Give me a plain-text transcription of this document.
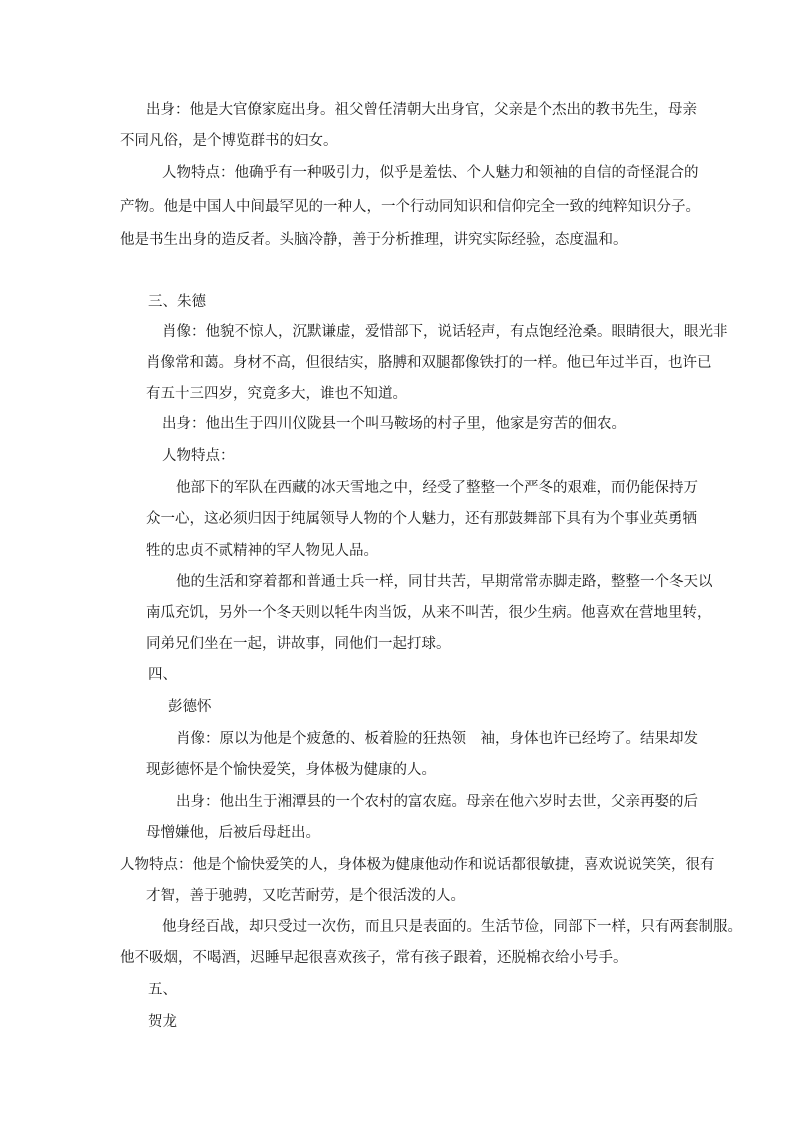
出身：他是大官僚家庭出身。祖父曾任清朝大出身官，父亲是个杰出的教书先生，母亲
不同凡俗，是个博览群书的妇女。
人物特点：他确乎有一种吸引力，似乎是羞怯、个人魅力和领袖的自信的奇怪混合的
产物。他是中国人中间最罕见的一种人，一个行动同知识和信仰完全一致的纯粹知识分子。
他是书生出身的造反者。头脑冷静，善于分析推理，讲究实际经验，态度温和。
三、朱德
肖像：他貌不惊人，沉默谦虚，爱惜部下，说话轻声，有点饱经沧桑。眼睛很大，眼光非
肖像常和蔼。身材不高，但很结实，胳膊和双腿都像铁打的一样。他已年过半百，也许已
有五十三四岁，究竟多大，谁也不知道。
出身：他出生于四川仪陇县一个叫马鞍场的村子里，他家是穷苦的佃农。
人物特点：
他部下的军队在西藏的冰天雪地之中，经受了整整一个严冬的艰难，而仍能保持万
众一心，这必须归因于纯属领导人物的个人魅力，还有那鼓舞部下具有为个事业英勇牺
牲的忠贞不贰精神的罕人物见人品。
他的生活和穿着都和普通士兵一样，同甘共苦，早期常常赤脚走路，整整一个冬天以
南瓜充饥，另外一个冬天则以牦牛肉当饭，从来不叫苦，很少生病。他喜欢在营地里转，
同弟兄们坐在一起，讲故事，同他们一起打球。
四、
彭德怀
肖像：原以为他是个疲惫的、板着脸的狂热领　袖，身体也许已经垮了。结果却发
现彭德怀是个愉快爱笑，身体极为健康的人。
出身：他出生于湘潭县的一个农村的富农庭。母亲在他六岁时去世，父亲再娶的后
母憎嫌他，后被后母赶出。
人物特点：他是个愉快爱笑的人，身体极为健康他动作和说话都很敏捷，喜欢说说笑笑，很有
才智，善于驰骋，又吃苦耐劳，是个很活泼的人。
他身经百战，却只受过一次伤，而且只是表面的。生活节俭，同部下一样，只有两套制服。
他不吸烟，不喝酒，迟睡早起很喜欢孩子，常有孩子跟着，还脱棉衣给小号手。
五、
贺龙
